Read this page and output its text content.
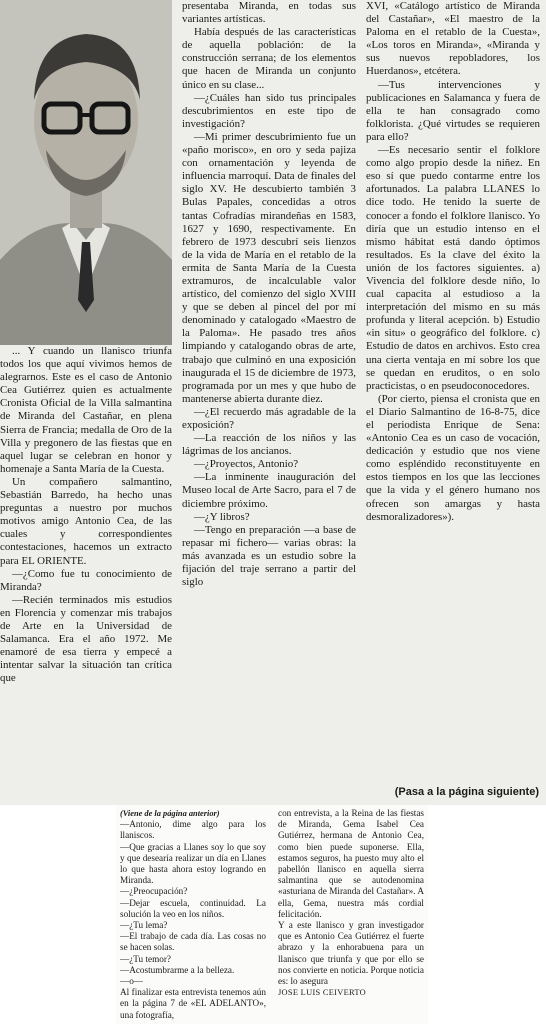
... Y cuando un llanisco triunfa todos los que aquí vivimos hemos de alegrarnos. Este es el caso de Antonio Cea Gutiérrez quien es actualmente Cronista Oficial de la Villa salmantina de Miranda del Castañar, en plena Sierra de Francia; medalla de Oro de la Villa y pregonero de las fiestas que en aquel lugar se celebran en honor y homenaje a Santa María de la Cuesta.

Un compañero salmantino, Sebastián Barredo, ha hecho unas preguntas a nuestro por muchos motivos amigo Antonio Cea, de las cuales y correspondientes contestaciones, hacemos un extracto para EL ORIENTE.

—¿Como fue tu conocimiento de Miranda?

—Recién terminados mis estudios en Florencia y comenzar mis trabajos de Arte en la Universidad de Salamanca. Era el año 1972. Me enamoré de esa tierra y empecé a intentar salvar la situación tan crítica que

presentaba Miranda, en todas sus variantes artísticas.

Había después de las características de aquella población: de la construcción serrana; de los elementos que hacen de Miranda un conjunto único en su clase...

—¿Cuáles han sido tus principales descubrimientos en este tipo de investigación?

—Mi primer descubrimiento fue un «paño morisco», en oro y seda pajiza con ornamentación y leyenda de influencia marroquí. Data de finales del siglo XV. He descubierto también 3 Bulas Papales, concedidas a otros tantas Cofradías mirandeñas en 1583, 1627 y 1690, respectivamente. En febrero de 1973 descubrí seis lienzos de la vida de María en el retablo de la ermita de Santa María de la Cuesta extramuros, de incalculable valor artístico, del comienzo del siglo XVIII y que se deben al pincel del por mí denominado y catalogado «Maestro de la Paloma». He pasado tres años limpiando y catalogando obras de arte, trabajo que culminó en una exposición inaugurada el 15 de diciembre de 1973, programada por un mes y que hubo de mantenerse abierta durante diez.

—¿El recuerdo más agradable de la exposición?

—La reacción de los niños y las lágrimas de los ancianos.

—¿Proyectos, Antonio?

—La inminente inauguración del Museo local de Arte Sacro, para el 7 de diciembre próximo.

—¿Y libros?

—Tengo en preparación —a base de repasar mi fichero— varias obras: la más avanzada es un estudio sobre la fijación del traje serrano a partir del siglo

XVI, «Catálogo artístico de Miranda del Castañar», «El maestro de la Paloma en el retablo de la Cuesta», «Los toros en Miranda», «Miranda y sus nuevos repobladores, los Huerdanos», etcétera.

—Tus intervenciones y publicaciones en Salamanca y fuera de ella te han consagrado como folklorista. ¿Qué virtudes se requieren para ello?

—Es necesario sentir el folklore como algo propio desde la niñez. En eso sí que puedo contarme entre los afortunados. La palabra LLANES lo dice todo. He tenido la suerte de conocer a fondo el folklore llanisco. Yo diría que un estudio intenso en el mismo hábitat está dando óptimos resultados. Es la clave del éxito la unión de los factores siguientes. a) Vivencia del folklore desde niño, lo cual capacita al estudioso a la interpretación del mismo en su más profunda y literal acepción. b) Estudio «in situ» o geográfico del folklore. c) Estudio de datos en archivos. Esto crea una cierta ventaja en mí sobre los que se quedan en eruditos, o en solo practicistas, o en pseudoconocedores.

(Por cierto, piensa el cronista que en el Diario Salmantino de 16-8-75, dice el periodista Enrique de Sena: «Antonio Cea es un caso de vocación, dedicación y estudio que nos viene como espléndido reconstituyente en estos tiempos en los que las lecciones que la vida y el género humano nos ofrecen son amargas y hasta desmoralizadores»).

(Pasa a la página siguiente)

(Viene de la página anterior)

—Antonio, dime algo para los llaniscos.

—Que gracias a Llanes soy lo que soy y que desearía realizar un día en Llanes lo que hasta ahora estoy logrando en Miranda.

—¿Preocupación?

—Dejar escuela, continuidad. La solución la veo en los niños.

—¿Tu lema?

—El trabajo de cada día. Las cosas no se hacen solas.

—¿Tu temor?

—Acostumbrarme a la belleza.

—o—

Al finalizar esta entrevista tenemos aún en la página 7 de «EL ADELANTO», una fotografía,

con entrevista, a la Reina de las fiestas de Miranda, Gema Isabel Cea Gutiérrez, hermana de Antonio Cea, como bien puede suponerse. Ella, estamos seguros, ha puesto muy alto el pabellón llanisco en aquella sierra salmantina que se autodenomina «asturiana de Miranda del Castañar». A ella, Gema, nuestra más cordial felicitación.

Y a este llanisco y gran investigador que es Antonio Cea Gutiérrez el fuerte abrazo y la enhorabuena para un llanisco que triunfa y que por ello se nos convierte en noticia. Porque noticia es: lo asegura

JOSE LUIS CEIVERTO
